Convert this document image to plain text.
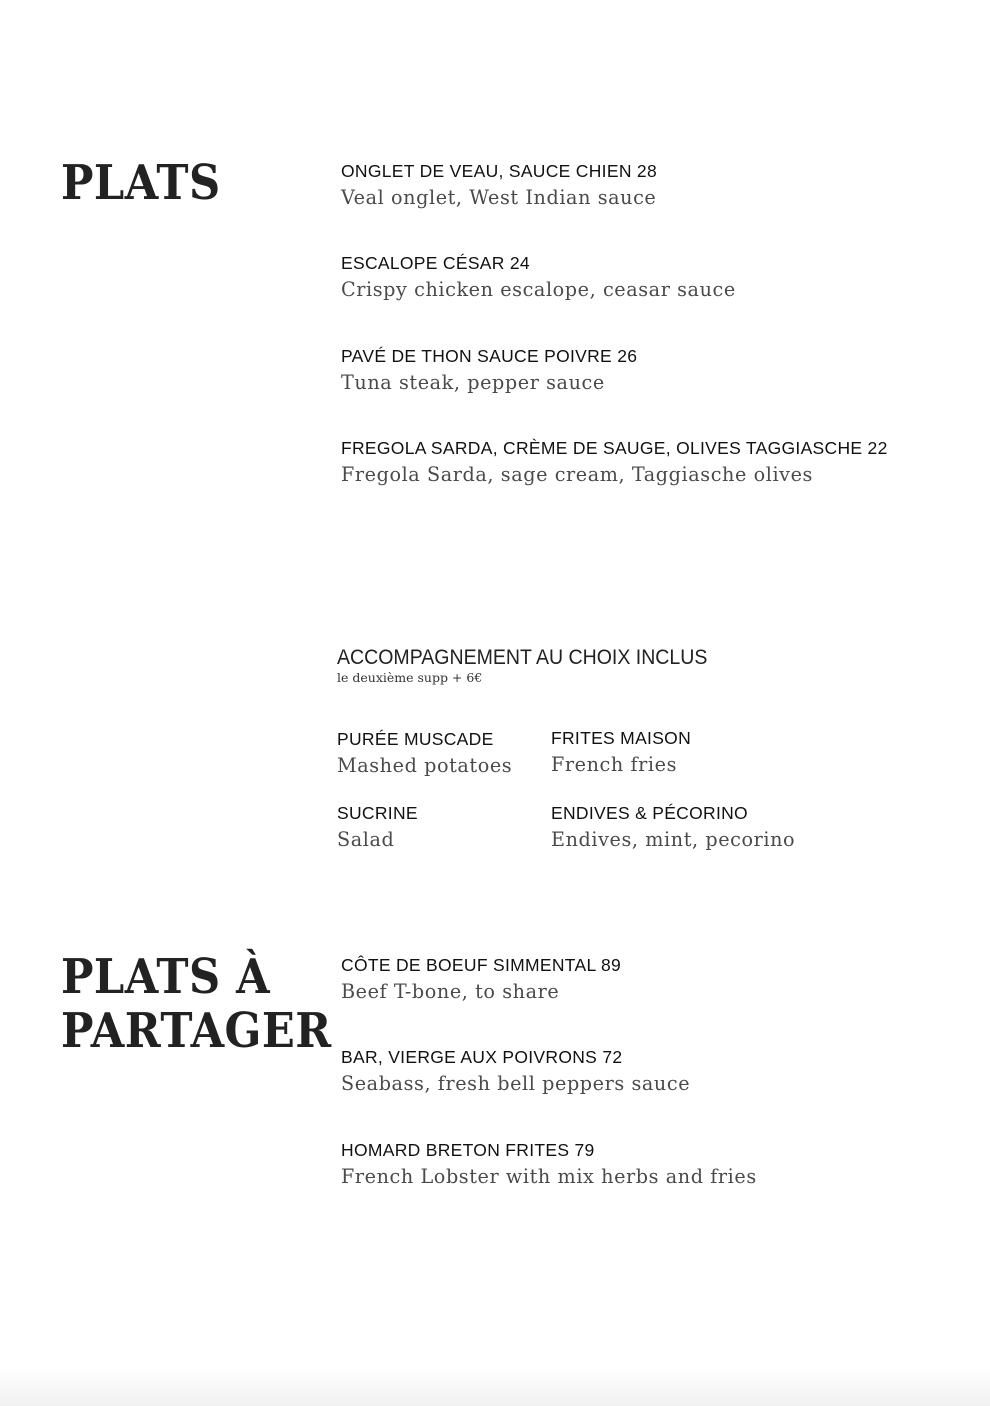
PLATS	ONGLET DE VEAU, SAUCE CHIEN 28
Veal onglet, West Indian sauce
ESCALOPE CÉSAR 24
Crispy chicken escalope, ceasar sauce
PAVÉ DE THON SAUCE POIVRE 26
Tuna steak, pepper sauce
FREGOLA SARDA, CRÈME DE SAUGE, OLIVES TAGGIASCHE 22
Fregola Sarda, sage cream, Taggiasche olives
ACCOMPAGNEMENT AU CHOIX INCLUS
le deuxième supp + 6€
PURÉE MUSCADE
Mashed potatoes
FRITES MAISON
French fries
SUCRINE
Salad
ENDIVES & PÉCORINO
Endives, mint, pecorino
PLATS À
PARTAGER
CÔTE DE BOEUF SIMMENTAL 89
Beef T-bone, to share
BAR, VIERGE AUX POIVRONS 72
Seabass, fresh bell peppers sauce
HOMARD BRETON FRITES 79
French Lobster with mix herbs and fries
